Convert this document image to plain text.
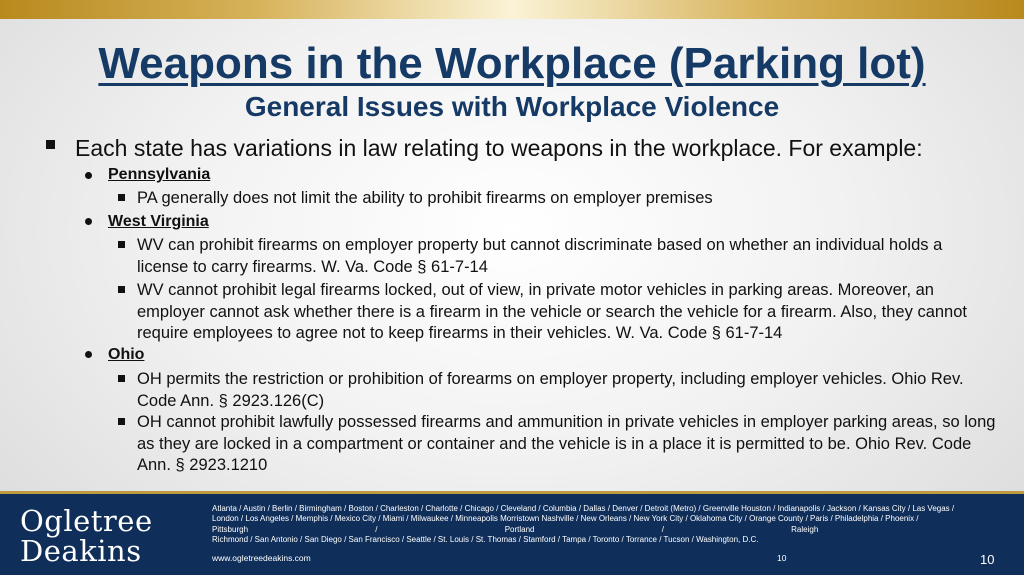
Weapons in the Workplace (Parking lot)
General Issues with Workplace Violence
Each state has variations in law relating to weapons in the workplace. For example:
Pennsylvania
PA generally does not limit the ability to prohibit firearms on employer premises
West Virginia
WV can prohibit firearms on employer property but cannot discriminate based on whether an individual holds a license to carry firearms. W. Va. Code § 61-7-14
WV cannot prohibit legal firearms locked, out of view, in private motor vehicles in parking areas. Moreover, an employer cannot ask whether there is a firearm in the vehicle or search the vehicle for a firearm. Also, they cannot require employees to agree not to keep firearms in their vehicles. W. Va. Code § 61-7-14
Ohio
OH permits the restriction or prohibition of forearms on employer property, including employer vehicles. Ohio Rev. Code Ann. § 2923.126(C)
OH cannot prohibit lawfully possessed firearms and ammunition in private vehicles in employer parking areas, so long as they are locked in a compartment or container and the vehicle is in a place it is permitted to be. Ohio Rev. Code Ann. § 2923.1210
Ogletree
Deakins
Atlanta / Austin / Berlin / Birmingham / Boston / Charleston / Charlotte / Chicago / Cleveland / Columbia / Dallas / Denver / Detroit (Metro) / Greenville Houston / Indianapolis / Jackson / Kansas City / Las Vegas /
London / Los Angeles / Memphis / Mexico City / Miami / Milwaukee / Minneapolis Morristown Nashville / New Orleans / New York City / Oklahoma City / Orange County / Paris / Philadelphia / Phoenix /
Pittsburgh / Portland / Raleigh
Richmond / San Antonio / San Diego / San Francisco / Seattle / St. Louis / St. Thomas / Stamford / Tampa / Toronto / Torrance / Tucson / Washington, D.C.
www.ogletreedeakins.com	10	10
